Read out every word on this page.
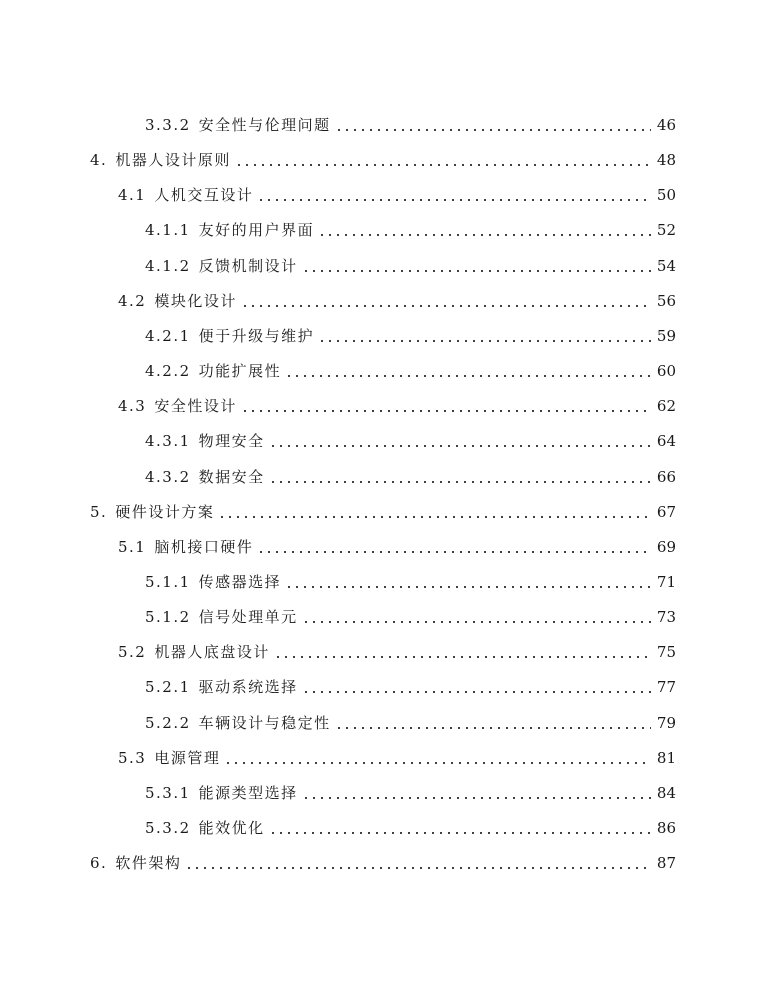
3.3.2 安全性与伦理问题	46
4. 机器人设计原则	48
4.1 人机交互设计	50
4.1.1 友好的用户界面	52
4.1.2 反馈机制设计	54
4.2 模块化设计	56
4.2.1 便于升级与维护	59
4.2.2 功能扩展性	60
4.3 安全性设计	62
4.3.1 物理安全	64
4.3.2 数据安全	66
5. 硬件设计方案	67
5.1 脑机接口硬件	69
5.1.1 传感器选择	71
5.1.2 信号处理单元	73
5.2 机器人底盘设计	75
5.2.1 驱动系统选择	77
5.2.2 车辆设计与稳定性	79
5.3 电源管理	81
5.3.1 能源类型选择	84
5.3.2 能效优化	86
6. 软件架构	87
